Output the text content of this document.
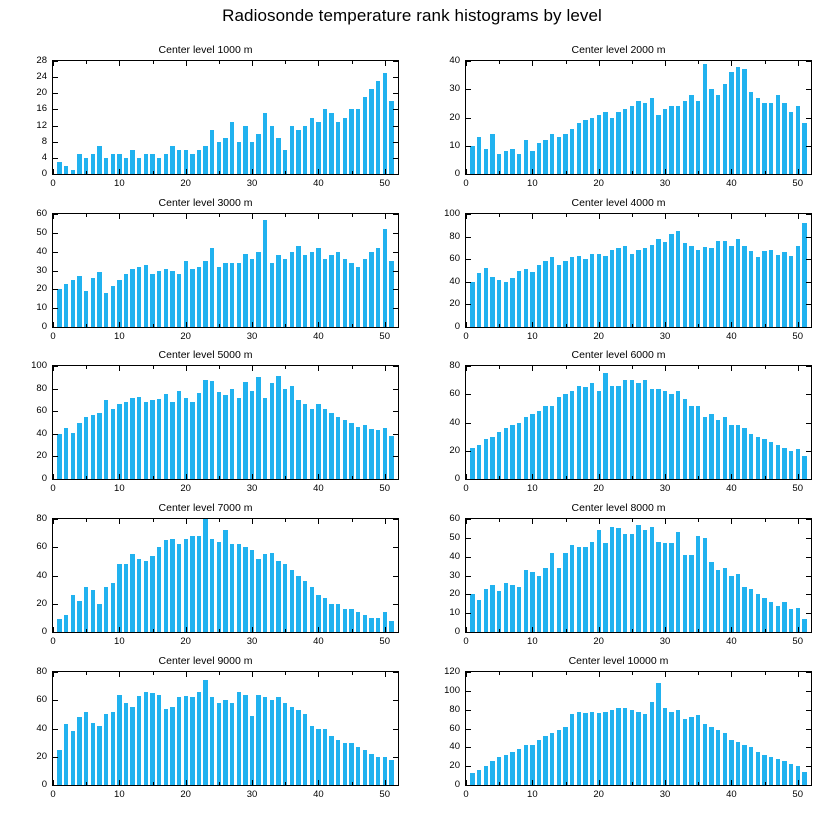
Radiosonde temperature rank histograms by level
Center level 1000 m
0
4
8
12
16
20
24
28
0	10	20	30	40	50
Center level 2000 m
0
10
20
30
40
0	10	20	30	40	50
Center level 3000 m
0
10
20
30
40
50
60
0	10	20	30	40	50
Center level 4000 m
0
20
40
60
80
100
0	10	20	30	40	50
Center level 5000 m
0
20
40
60
80
100
0	10	20	30	40	50
Center level 6000 m
0
20
40
60
80
0	10	20	30	40	50
Center level 7000 m
0
20
40
60
80
0	10	20	30	40	50
Center level 8000 m
0
10
20
30
40
50
60
0	10	20	30	40	50
Center level 9000 m
0
20
40
60
80
0	10	20	30	40	50
Center level 10000 m
0
20
40
60
80
100
120
0	10	20	30	40	50
